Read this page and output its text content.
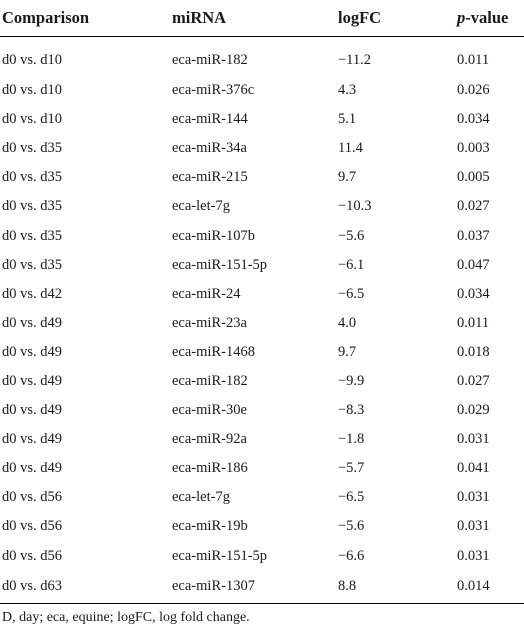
Comparison	miRNA	logFC	p-value
d0 vs. d10	eca-miR-182	−11.2	0.011
d0 vs. d10	eca-miR-376c	4.3	0.026
d0 vs. d10	eca-miR-144	5.1	0.034
d0 vs. d35	eca-miR-34a	11.4	0.003
d0 vs. d35	eca-miR-215	9.7	0.005
d0 vs. d35	eca-let-7g	−10.3	0.027
d0 vs. d35	eca-miR-107b	−5.6	0.037
d0 vs. d35	eca-miR-151-5p	−6.1	0.047
d0 vs. d42	eca-miR-24	−6.5	0.034
d0 vs. d49	eca-miR-23a	4.0	0.011
d0 vs. d49	eca-miR-1468	9.7	0.018
d0 vs. d49	eca-miR-182	−9.9	0.027
d0 vs. d49	eca-miR-30e	−8.3	0.029
d0 vs. d49	eca-miR-92a	−1.8	0.031
d0 vs. d49	eca-miR-186	−5.7	0.041
d0 vs. d56	eca-let-7g	−6.5	0.031
d0 vs. d56	eca-miR-19b	−5.6	0.031
d0 vs. d56	eca-miR-151-5p	−6.6	0.031
d0 vs. d63	eca-miR-1307	8.8	0.014
D, day; eca, equine; logFC, log fold change.
